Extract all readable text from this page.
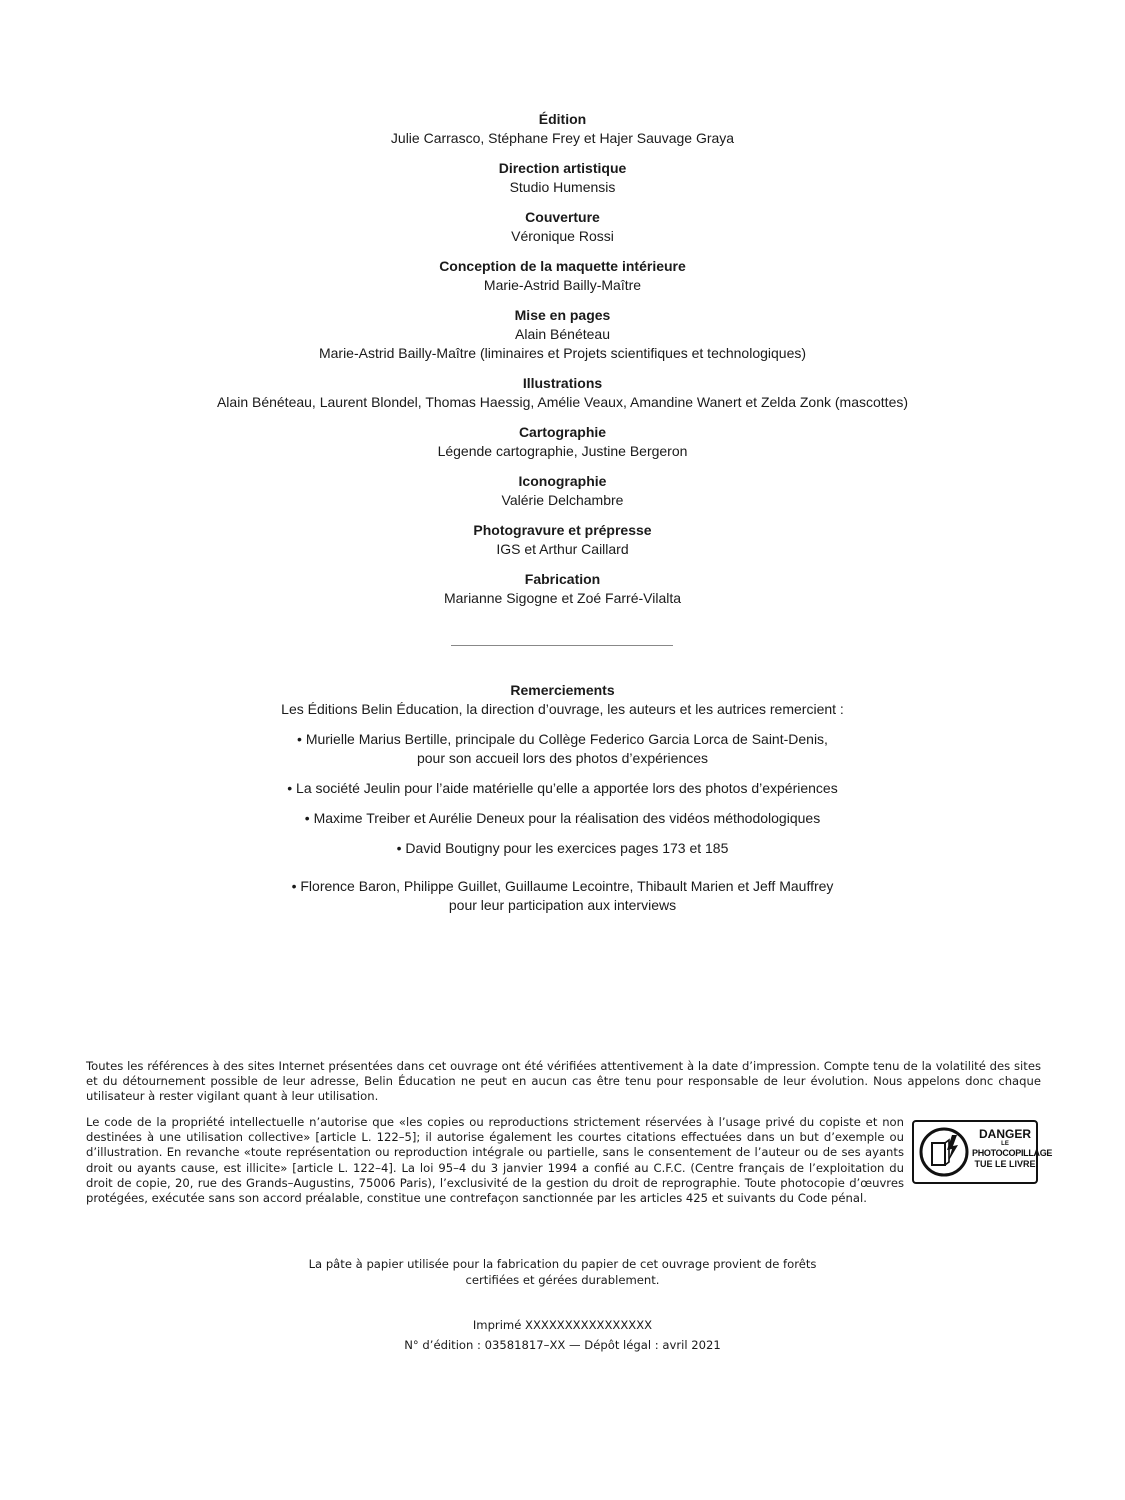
Édition
Julie Carrasco, Stéphane Frey et Hajer Sauvage Graya
Direction artistique
Studio Humensis
Couverture
Véronique Rossi
Conception de la maquette intérieure
Marie-Astrid Bailly-Maître
Mise en pages
Alain Bénéteau
Marie-Astrid Bailly-Maître (liminaires et Projets scientifiques et technologiques)
Illustrations
Alain Bénéteau, Laurent Blondel, Thomas Haessig, Amélie Veaux, Amandine Wanert et Zelda Zonk (mascottes)
Cartographie
Légende cartographie, Justine Bergeron
Iconographie
Valérie Delchambre
Photogravure et prépresse
IGS et Arthur Caillard
Fabrication
Marianne Sigogne et Zoé Farré-Vilalta
Remerciements
Les Éditions Belin Éducation, la direction d’ouvrage, les auteurs et les autrices remercient :
• Murielle Marius Bertille, principale du Collège Federico Garcia Lorca de Saint-Denis,
pour son accueil lors des photos d’expériences
• La société Jeulin pour l’aide matérielle qu’elle a apportée lors des photos d’expériences
• Maxime Treiber et Aurélie Deneux pour la réalisation des vidéos méthodologiques
• David Boutigny pour les exercices pages 173 et 185
• Florence Baron, Philippe Guillet, Guillaume Lecointre, Thibault Marien et Jeff Mauffrey
pour leur participation aux interviews
Toutes les références à des sites Internet présentées dans cet ouvrage ont été vérifiées attentivement à la date d’impression. Compte tenu de la volatilité des sites et du détournement possible de leur adresse, Belin Éducation ne peut en aucun cas être tenu pour responsable de leur évolution. Nous appelons donc chaque utilisateur à rester vigilant quant à leur utilisation.
Le code de la propriété intellectuelle n’autorise que «les copies ou reproductions strictement réservées à l’usage privé du copiste et non destinées à une utilisation collective» [article L. 122–5]; il autorise également les courtes citations effectuées dans un but d’exemple ou d’illustration. En revanche «toute représentation ou reproduction intégrale ou partielle, sans le consentement de l’auteur ou de ses ayants droit ou ayants cause, est illicite» [article L. 122–4]. La loi 95–4 du 3 janvier 1994 a confié au C.F.C. (Centre français de l’exploitation du droit de copie, 20, rue des Grands–Augustins, 75006 Paris), l’exclusivité de la gestion du droit de reprographie. Toute photocopie d’œuvres protégées, exécutée sans son accord préalable, constitue une contrefaçon sanctionnée par les articles 425 et suivants du Code pénal.
DANGER
LE
PHOTOCOPILLAGE
TUE LE LIVRE
La pâte à papier utilisée pour la fabrication du papier de cet ouvrage provient de forêts
certifiées et gérées durablement.
Imprimé XXXXXXXXXXXXXXXX
N° d’édition : 03581817–XX — Dépôt légal : avril 2021
